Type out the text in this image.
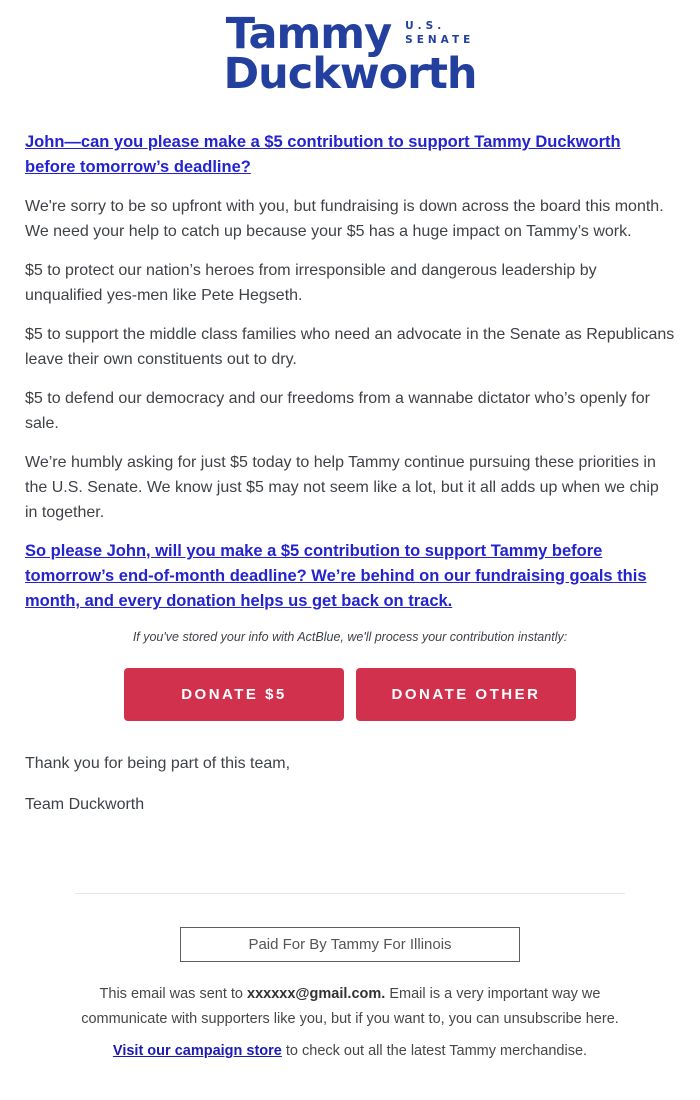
Tammy U.S.
SENATE
Duckworth

John—can you please make a $5 contribution to support Tammy Duckworth before tomorrow’s deadline?

We're sorry to be so upfront with you, but fundraising is down across the board this month. We need your help to catch up because your $5 has a huge impact on Tammy’s work.

$5 to protect our nation’s heroes from irresponsible and dangerous leadership by unqualified yes-men like Pete Hegseth.

$5 to support the middle class families who need an advocate in the Senate as Republicans leave their own constituents out to dry.

$5 to defend our democracy and our freedoms from a wannabe dictator who’s openly for sale.

We’re humbly asking for just $5 today to help Tammy continue pursuing these priorities in the U.S. Senate. We know just $5 may not seem like a lot, but it all adds up when we chip in together.

So please John, will you make a $5 contribution to support Tammy before tomorrow’s end-of-month deadline? We’re behind on our fundraising goals this month, and every donation helps us get back on track.

If you've stored your info with ActBlue, we'll process your contribution instantly:

DONATE $5	DONATE OTHER

Thank you for being part of this team,

Team Duckworth

Paid For By Tammy For Illinois

This email was sent to xxxxxx@gmail.com. Email is a very important way we communicate with supporters like you, but if you want to, you can unsubscribe here.

Visit our campaign store to check out all the latest Tammy merchandise.
